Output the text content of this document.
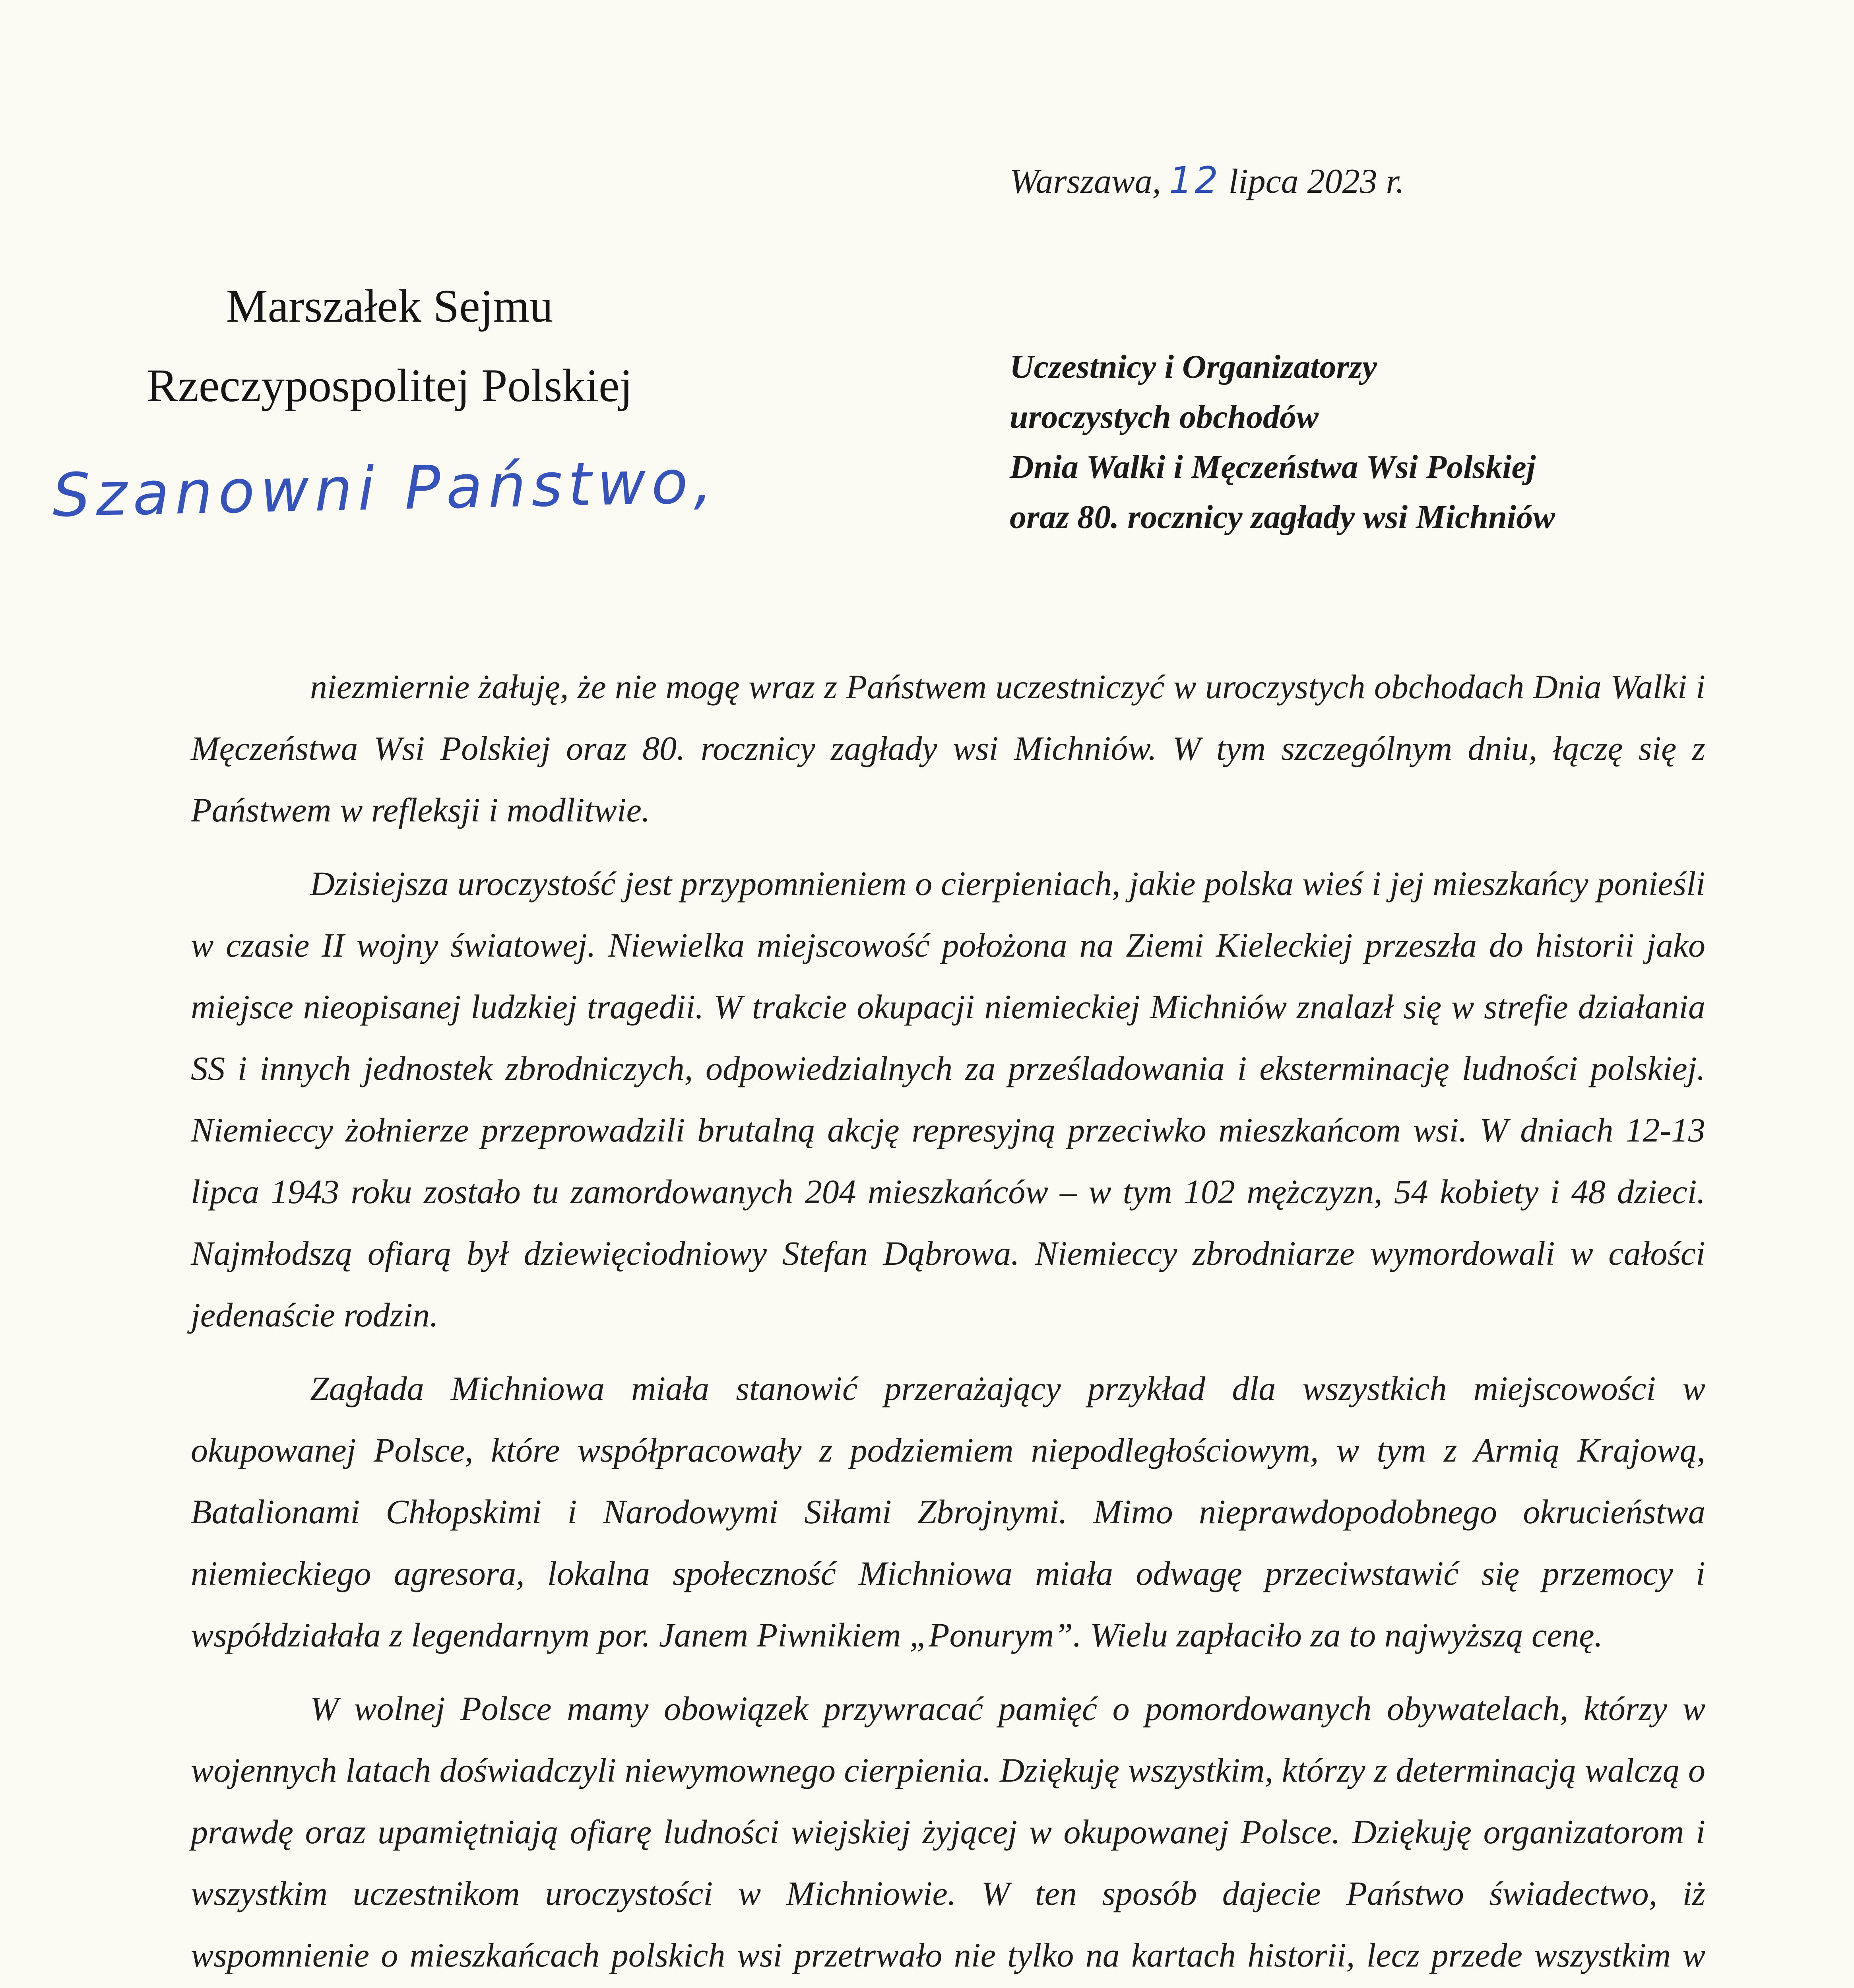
Warszawa, 12 lipca 2023 r.
Marszałek Sejmu
Rzeczypospolitej Polskiej	Uczestnicy i Organizatorzy
uroczystych obchodów
Dnia Walki i Męczeństwa Wsi Polskiej
oraz 80. rocznicy zagłady wsi Michniów
Szanowni Państwo,

niezmiernie żałuję, że nie mogę wraz z Państwem uczestniczyć w uroczystych obchodach Dnia Walki i Męczeństwa Wsi Polskiej oraz 80. rocznicy zagłady wsi Michniów. W tym szczególnym dniu, łączę się z Państwem w refleksji i modlitwie.

Dzisiejsza uroczystość jest przypomnieniem o cierpieniach, jakie polska wieś i jej mieszkańcy ponieśli w czasie II wojny światowej. Niewielka miejscowość położona na Ziemi Kieleckiej przeszła do historii jako miejsce nieopisanej ludzkiej tragedii. W trakcie okupacji niemieckiej Michniów znalazł się w strefie działania SS i innych jednostek zbrodniczych, odpowiedzialnych za prześladowania i eksterminację ludności polskiej. Niemieccy żołnierze przeprowadzili brutalną akcję represyjną przeciwko mieszkańcom wsi. W dniach 12-13 lipca 1943 roku zostało tu zamordowanych 204 mieszkańców – w tym 102 mężczyzn, 54 kobiety i 48 dzieci. Najmłodszą ofiarą był dziewięciodniowy Stefan Dąbrowa. Niemieccy zbrodniarze wymordowali w całości jedenaście rodzin.

Zagłada Michniowa miała stanowić przerażający przykład dla wszystkich miejscowości w okupowanej Polsce, które współpracowały z podziemiem niepodległościowym, w tym z Armią Krajową, Batalionami Chłopskimi i Narodowymi Siłami Zbrojnymi. Mimo nieprawdopodobnego okrucieństwa niemieckiego agresora, lokalna społeczność Michniowa miała odwagę przeciwstawić się przemocy i współdziałała z legendarnym por. Janem Piwnikiem „Ponurym”. Wielu zapłaciło za to najwyższą cenę.

W wolnej Polsce mamy obowiązek przywracać pamięć o pomordowanych obywatelach, którzy w wojennych latach doświadczyli niewymownego cierpienia. Dziękuję wszystkim, którzy z determinacją walczą o prawdę oraz upamiętniają ofiarę ludności wiejskiej żyjącej w okupowanej Polsce. Dziękuję organizatorom i wszystkim uczestnikom uroczystości w Michniowie. W ten sposób dajecie Państwo świadectwo, iż wspomnienie o mieszkańcach polskich wsi przetrwało nie tylko na kartach historii, lecz przede wszystkim w
